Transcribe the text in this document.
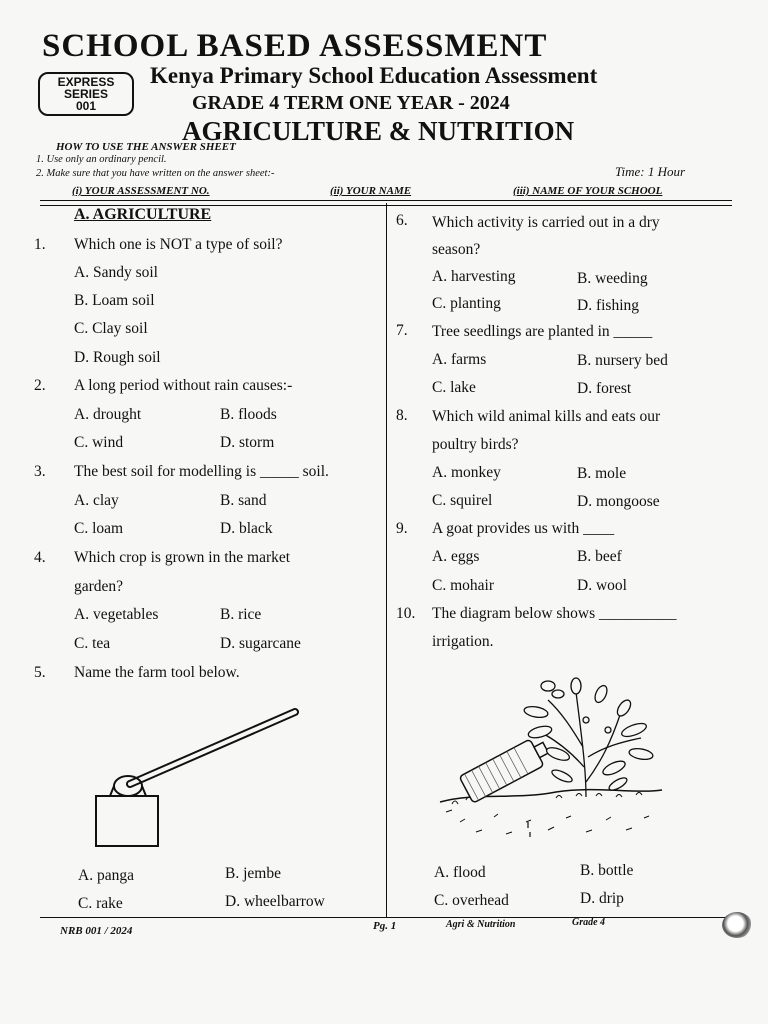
SCHOOL BASED ASSESSMENT
EXPRESS
SERIES
001
Kenya Primary School Education Assessment
GRADE 4 TERM ONE YEAR - 2024
AGRICULTURE & NUTRITION
HOW TO USE THE ANSWER SHEET
1. Use only an ordinary pencil.
2. Make sure that you have written on the answer sheet:-	Time: 1 Hour
(i) YOUR ASSESSMENT NO.	(ii) YOUR NAME	(iii) NAME OF YOUR SCHOOL
A. AGRICULTURE
1. Which one is NOT a type of soil?
A. Sandy soil
B. Loam soil
C. Clay soil
D. Rough soil
2. A long period without rain causes:-
A. drought	B. floods
C. wind	D. storm
3. The best soil for modelling is _____ soil.
A. clay	B. sand
C. loam	D. black
4. Which crop is grown in the market
garden?
A. vegetables	B. rice
C. tea	D. sugarcane
5. Name the farm tool below.
A. panga	B. jembe
C. rake	D. wheelbarrow
6. Which activity is carried out in a dry
season?
A. harvesting	B. weeding
C. planting	D. fishing
7. Tree seedlings are planted in _____
A. farms	B. nursery bed
C. lake	D. forest
8. Which wild animal kills and eats our
poultry birds?
A. monkey	B. mole
C. squirel	D. mongoose
9. A goat provides us with ____
A. eggs	B. beef
C. mohair	D. wool
10. The diagram below shows __________
irrigation.
A. flood	B. bottle
C. overhead	D. drip
NRB 001 / 2024	Pg. 1	Agri & Nutrition	Grade 4
